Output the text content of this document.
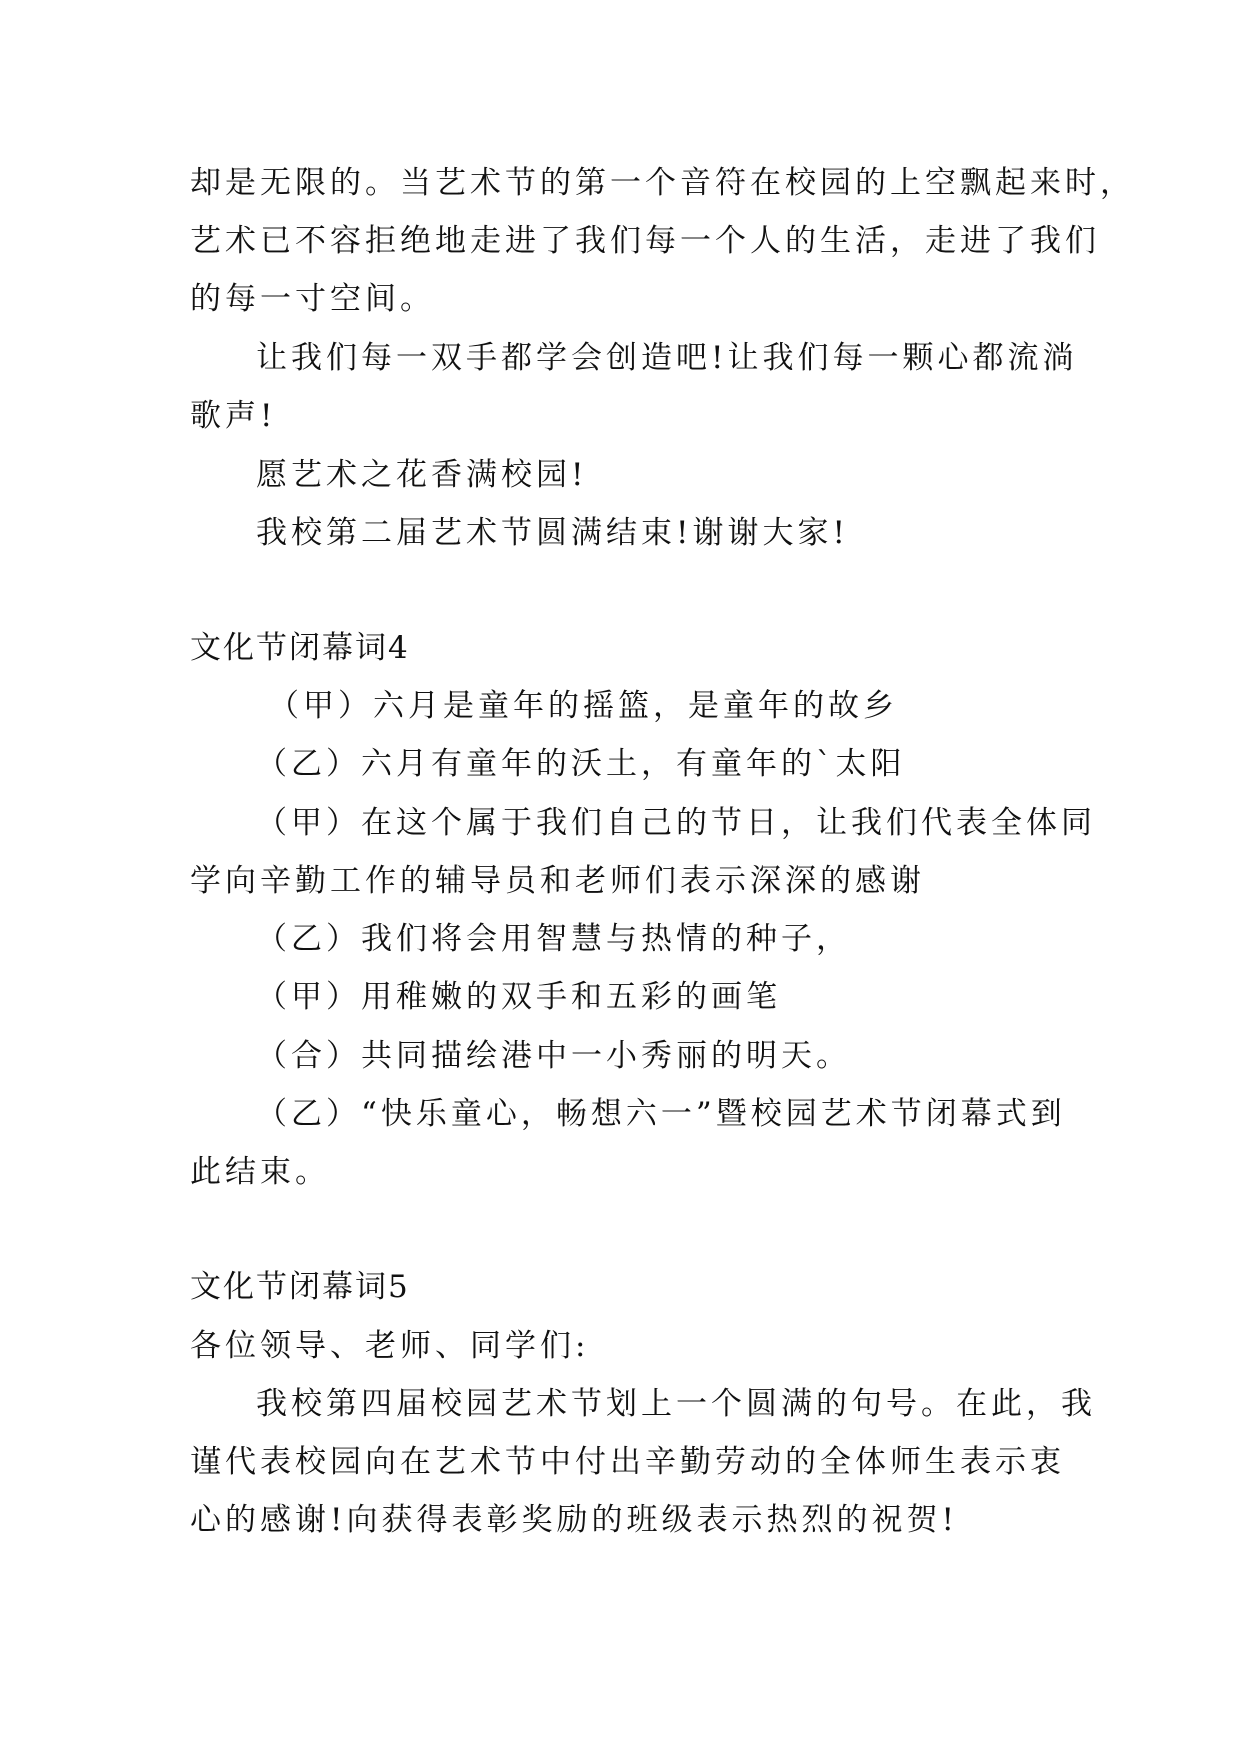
却是无限的。当艺术节的第一个音符在校园的上空飘起来时，
艺术已不容拒绝地走进了我们每一个人的生活，走进了我们
的每一寸空间。
让我们每一双手都学会创造吧!让我们每一颗心都流淌
歌声!
愿艺术之花香满校园!
我校第二届艺术节圆满结束!谢谢大家!
文化节闭幕词4
（甲）六月是童年的摇篮，是童年的故乡
（乙）六月有童年的沃土，有童年的`太阳
（甲）在这个属于我们自己的节日，让我们代表全体同
学向辛勤工作的辅导员和老师们表示深深的感谢
（乙）我们将会用智慧与热情的种子，
（甲）用稚嫩的双手和五彩的画笔
（合）共同描绘港中一小秀丽的明天。
（乙）“快乐童心，畅想六一”暨校园艺术节闭幕式到
此结束。
文化节闭幕词5
各位领导、老师、同学们:
我校第四届校园艺术节划上一个圆满的句号。在此，我
谨代表校园向在艺术节中付出辛勤劳动的全体师生表示衷
心的感谢!向获得表彰奖励的班级表示热烈的祝贺!
